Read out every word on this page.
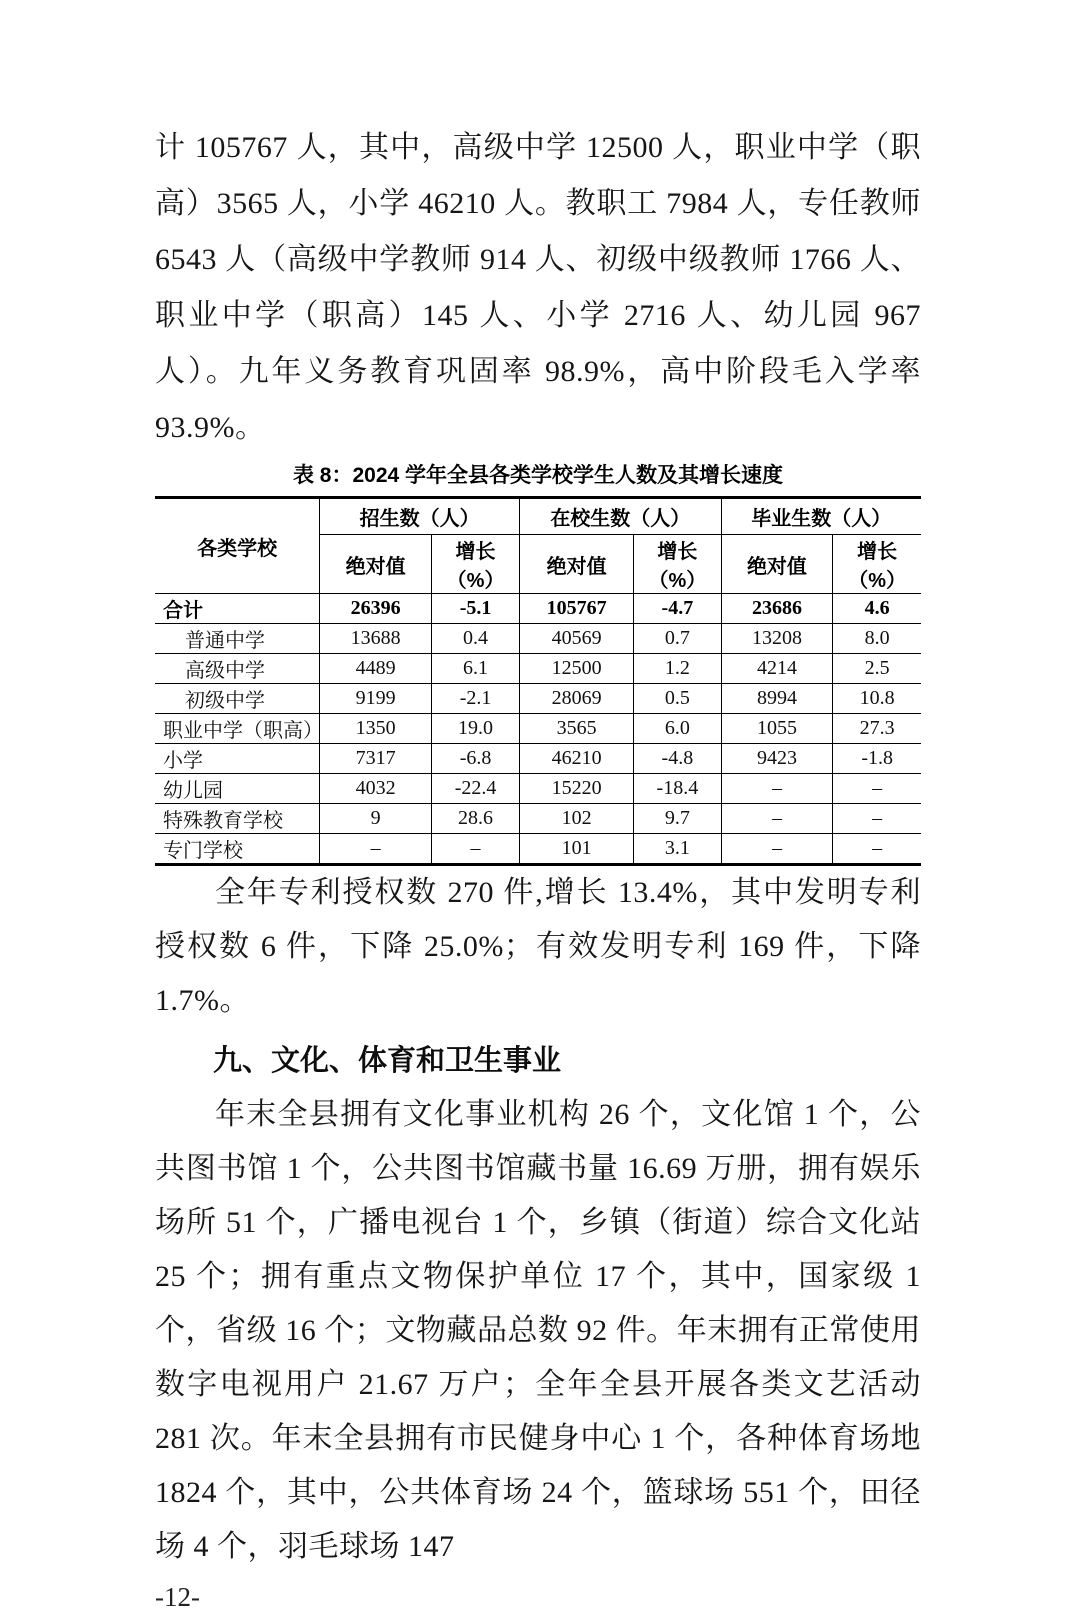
计 105767 人，其中，高级中学 12500 人，职业中学（职高）3565 人，小学 46210 人。教职工 7984 人，专任教师 6543 人（高级中学教师 914 人、初级中级教师 1766 人、职业中学（职高）145 人、小学 2716 人、幼儿园 967 人）。九年义务教育巩固率 98.9%，高中阶段毛入学率 93.9%。

表 8：2024 学年全县各类学校学生人数及其增长速度

各类学校	招生数（人）		在校生数（人）		毕业生数（人）	
	绝对值	增长（%）	绝对值	增长（%）	绝对值	增长（%）
合计	26396	-5.1	105767	-4.7	23686	4.6
普通中学	13688	0.4	40569	0.7	13208	8.0
高级中学	4489	6.1	12500	1.2	4214	2.5
初级中学	9199	-2.1	28069	0.5	8994	10.8
职业中学（职高）	1350	19.0	3565	6.0	1055	27.3
小学	7317	-6.8	46210	-4.8	9423	-1.8
幼儿园	4032	-22.4	15220	-18.4	–	–
特殊教育学校	9	28.6	102	9.7	–	–
专门学校	–	–	101	3.1	–	–

全年专利授权数 270 件,增长 13.4%，其中发明专利授权数 6 件，下降 25.0%；有效发明专利 169 件，下降 1.7%。

九、文化、体育和卫生事业

年末全县拥有文化事业机构 26 个，文化馆 1 个，公共图书馆 1 个，公共图书馆藏书量 16.69 万册，拥有娱乐场所 51 个，广播电视台 1 个，乡镇（街道）综合文化站 25 个；拥有重点文物保护单位 17 个，其中，国家级 1 个，省级 16 个；文物藏品总数 92 件。年末拥有正常使用数字电视用户 21.67 万户；全年全县开展各类文艺活动 281 次。年末全县拥有市民健身中心 1 个，各种体育场地 1824 个，其中，公共体育场 24 个，篮球场 551 个，田径场 4 个，羽毛球场 147

-12-
